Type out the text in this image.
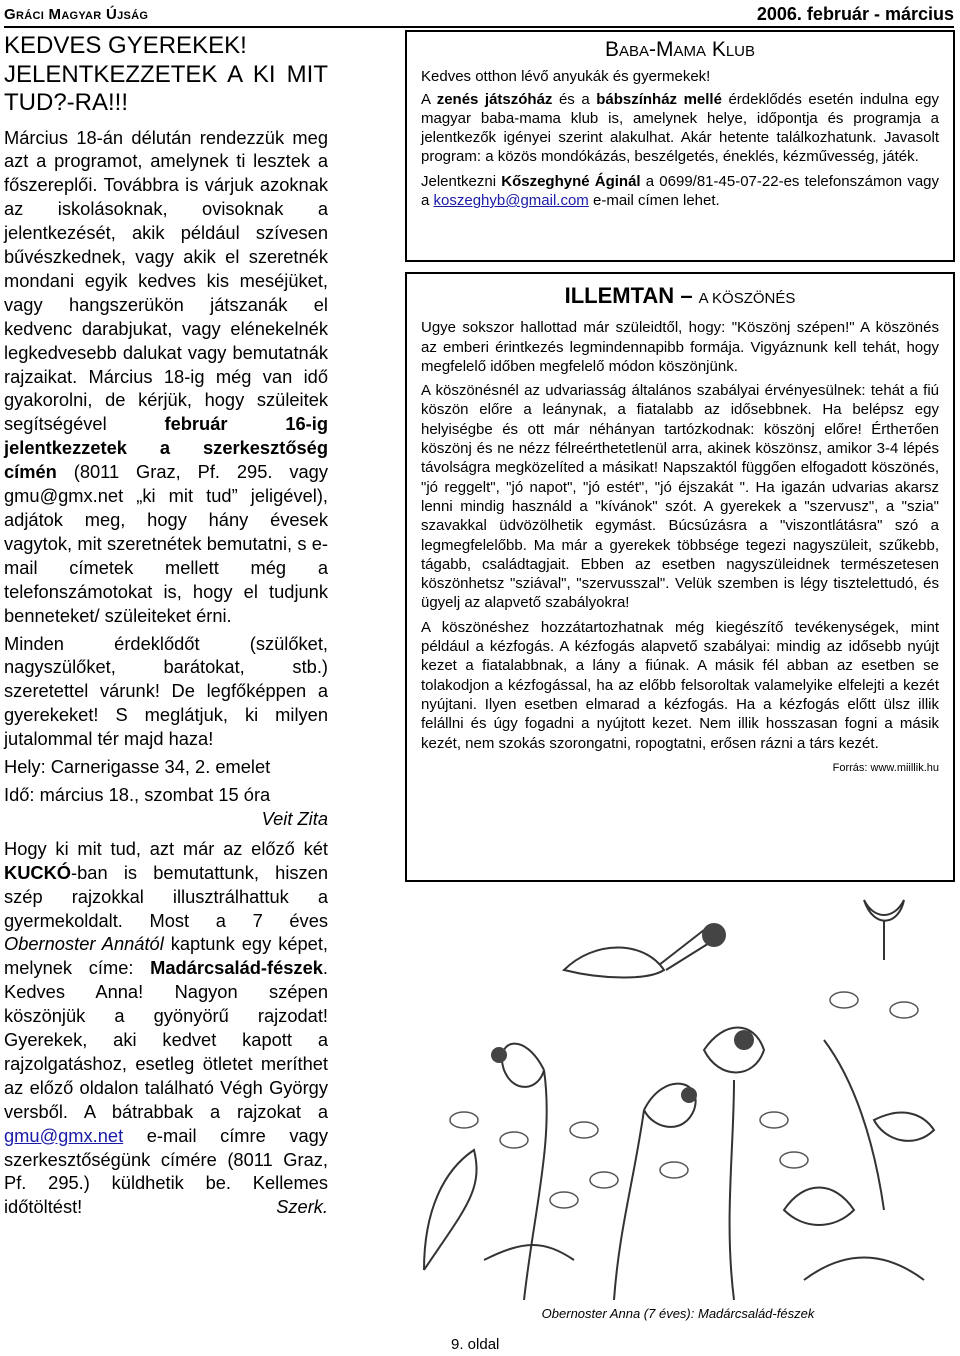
Gráci Magyar Újság	2006. február - március

KEDVES GYEREKEK!

JELENTKEZZETEK A KI MIT TUD?-RA!!!

Március 18-án délután rendezzük meg azt a programot, amelynek ti lesztek a főszereplői. Továbbra is várjuk azoknak az iskolásoknak, ovisoknak a jelentkezését, akik például szívesen bűvészkednek, vagy akik el szeretnék mondani egyik kedves kis meséjüket, vagy hangszerükön játszanák el kedvenc darabjukat, vagy elénekelnék legkedvesebb dalukat vagy bemutatnák rajzaikat. Március 18-ig még van idő gyakorolni, de kérjük, hogy szüleitek segítségével február 16-ig jelentkezzetek a szerkesztőség címén (8011 Graz, Pf. 295. vagy gmu@gmx.net „ki mit tud” jeligével), adjátok meg, hogy hány évesek vagytok, mit szeretnétek bemutatni, s e-mail címetek mellett még a telefonszámotokat is, hogy el tudjunk benneteket/ szüleiteket érni.

Minden érdeklődőt (szülőket, nagyszülőket, barátokat, stb.) szeretettel várunk! De legfőképpen a gyerekeket! S meglátjuk, ki milyen jutalommal tér majd haza!

Hely: Carnerigasse 34, 2. emelet

Idő: március 18., szombat 15 óra

Veit Zita

Hogy ki mit tud, azt már az előző két KUCKÓ-ban is bemutattunk, hiszen szép rajzokkal illusztrálhattuk a gyermekoldalt. Most a 7 éves Obernoster Annától kaptunk egy képet, melynek címe: Madárcsalád-fészek. Kedves Anna! Nagyon szépen köszönjük a gyönyörű rajzodat! Gyerekek, aki kedvet kapott a rajzolgatáshoz, esetleg ötletet meríthet az előző oldalon található Végh György versből. A bátrabbak a rajzokat a gmu@gmx.net e-mail címre vagy szerkesztőségünk címére (8011 Graz, Pf. 295.) küldhetik be. Kellemes időtöltést!	Szerk.

Baba-Mama Klub

Kedves otthon lévő anyukák és gyermekek!

A zenés játszóház és a bábszínház mellé érdeklődés esetén indulna egy magyar baba-mama klub is, amelynek helye, időpontja és programja a jelentkezők igényei szerint alakulhat. Akár hetente találkozhatunk. Javasolt program: a közös mondókázás, beszélgetés, éneklés, kézművesség, játék.

Jelentkezni Kőszeghyné Áginál a 0699/81-45-07-22-es telefonszámon vagy a koszeghyb@gmail.com e-mail címen lehet.

ILLEMTAN – A KÖSZÖNÉS

Ugye sokszor hallottad már szüleidtől, hogy: "Köszönj szépen!" A köszönés az emberi érintkezés legmindennapibb formája. Vigyáznunk kell tehát, hogy megfelelő időben megfelelő módon köszönjünk.

A köszönésnél az udvariasság általános szabályai érvényesülnek: tehát a fiú köszön előre a leánynak, a fiatalabb az idősebbnek. Ha belépsz egy helyiségbe és ott már néhányan tartózkodnak: köszönj előre! Értheтően köszönj és ne nézz félreérthetetlenül arra, akinek köszönsz, amikor 3-4 lépés távolságra megközelíted a másikat! Napszaktól függően elfogadott köszönés, "jó reggelt", "jó napot", "jó estét", "jó éjszakát ". Ha igazán udvarias akarsz lenni mindig használd a "kívánok" szót. A gyerekek a "szervusz", a "szia" szavakkal üdvözölhetik egymást. Búcsúzásra a "viszontlátásra" szó a legmegfelelőbb. Ma már a gyerekek többsége tegezi nagyszüleit, szűkebb, tágabb, családtagjait. Ebben az esetben nagyszüleidnek természetesen köszönhetsz "sziával", "szervusszal". Velük szemben is légy tisztelettudó, és ügyelj az alapvető szabályokra!

A köszönéshez hozzátartozhatnak még kiegészítő tevékenységek, mint például a kézfogás. A kézfogás alapvető szabályai: mindig az idősebb nyújt kezet a fiatalabbnak, a lány a fiúnak. A másik fél abban az esetben se tolakodjon a kézfogással, ha az előbb felsoroltak valamelyike elfelejti a kezét nyújtani. Ilyen esetben elmarad a kézfogás. Ha a kézfogás előtt ülsz illik felállni és úgy fogadni a nyújtott kezet. Nem illik hosszasan fogni a másik kezét, nem szokás szorongatni, ropogtatni, erősen rázni a társ kezét.

Forrás: www.miillik.hu

Obernoster Anna (7 éves): Madárcsalád-fészek
9. oldal
